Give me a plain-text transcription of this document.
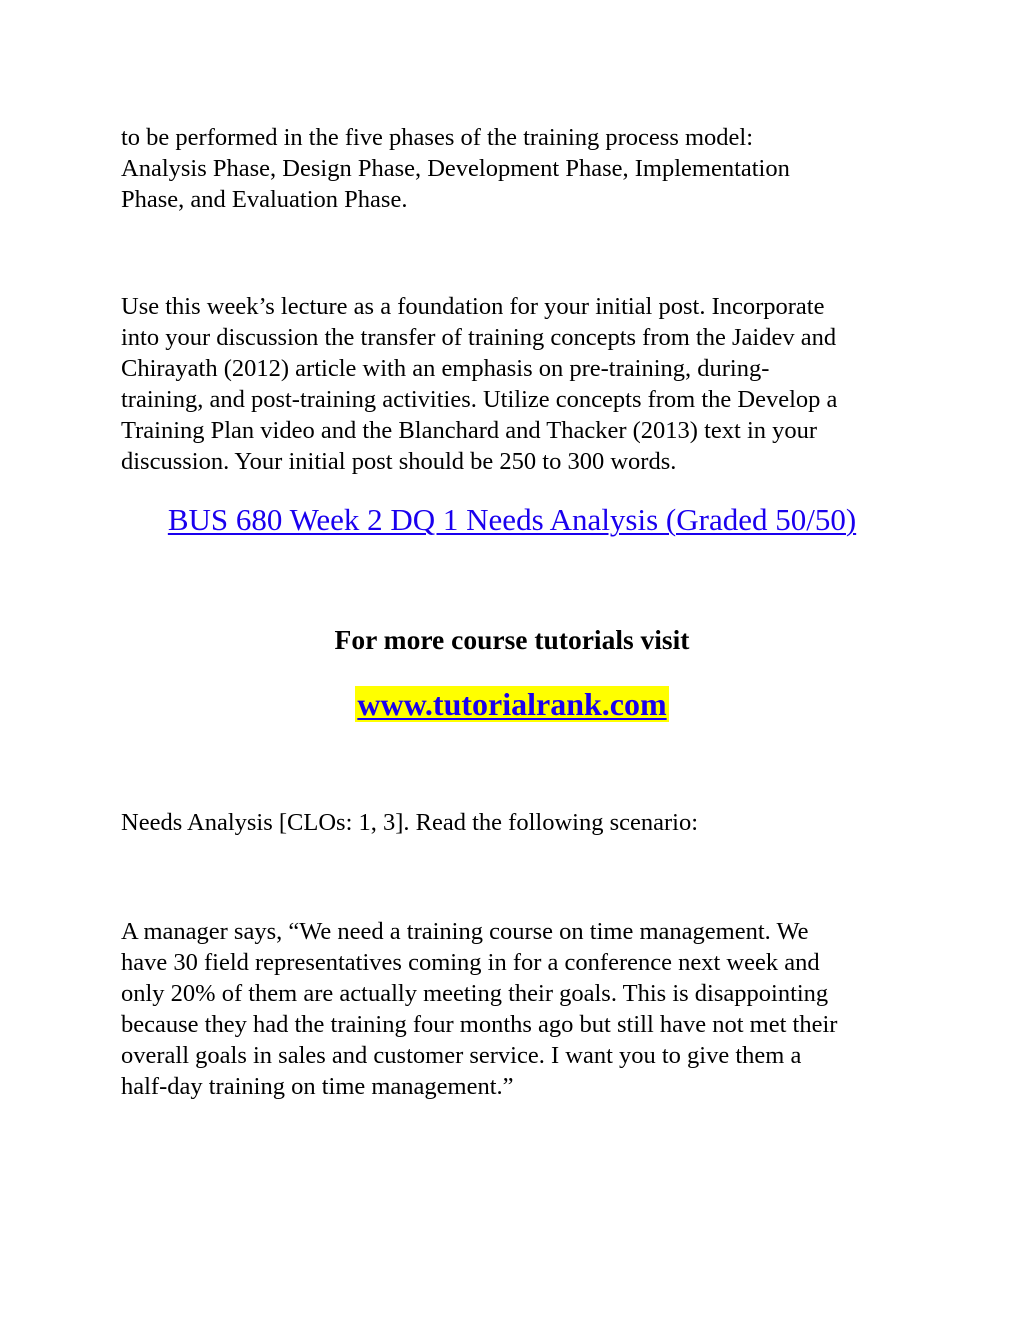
to be performed in the five phases of the training process model:
Analysis Phase, Design Phase, Development Phase, Implementation
Phase, and Evaluation Phase.

Use this week’s lecture as a foundation for your initial post. Incorporate
into your discussion the transfer of training concepts from the Jaidev and
Chirayath (2012) article with an emphasis on pre-training, during-
training, and post-training activities. Utilize concepts from the Develop a
Training Plan video and the Blanchard and Thacker (2013) text in your
discussion. Your initial post should be 250 to 300 words.

BUS 680 Week 2 DQ 1 Needs Analysis (Graded 50/50)
For more course tutorials visit
www.tutorialrank.com

Needs Analysis [CLOs: 1, 3]. Read the following scenario:

A manager says, “We need a training course on time management. We
have 30 field representatives coming in for a conference next week and
only 20% of them are actually meeting their goals. This is disappointing
because they had the training four months ago but still have not met their
overall goals in sales and customer service. I want you to give them a
half-day training on time management.”
